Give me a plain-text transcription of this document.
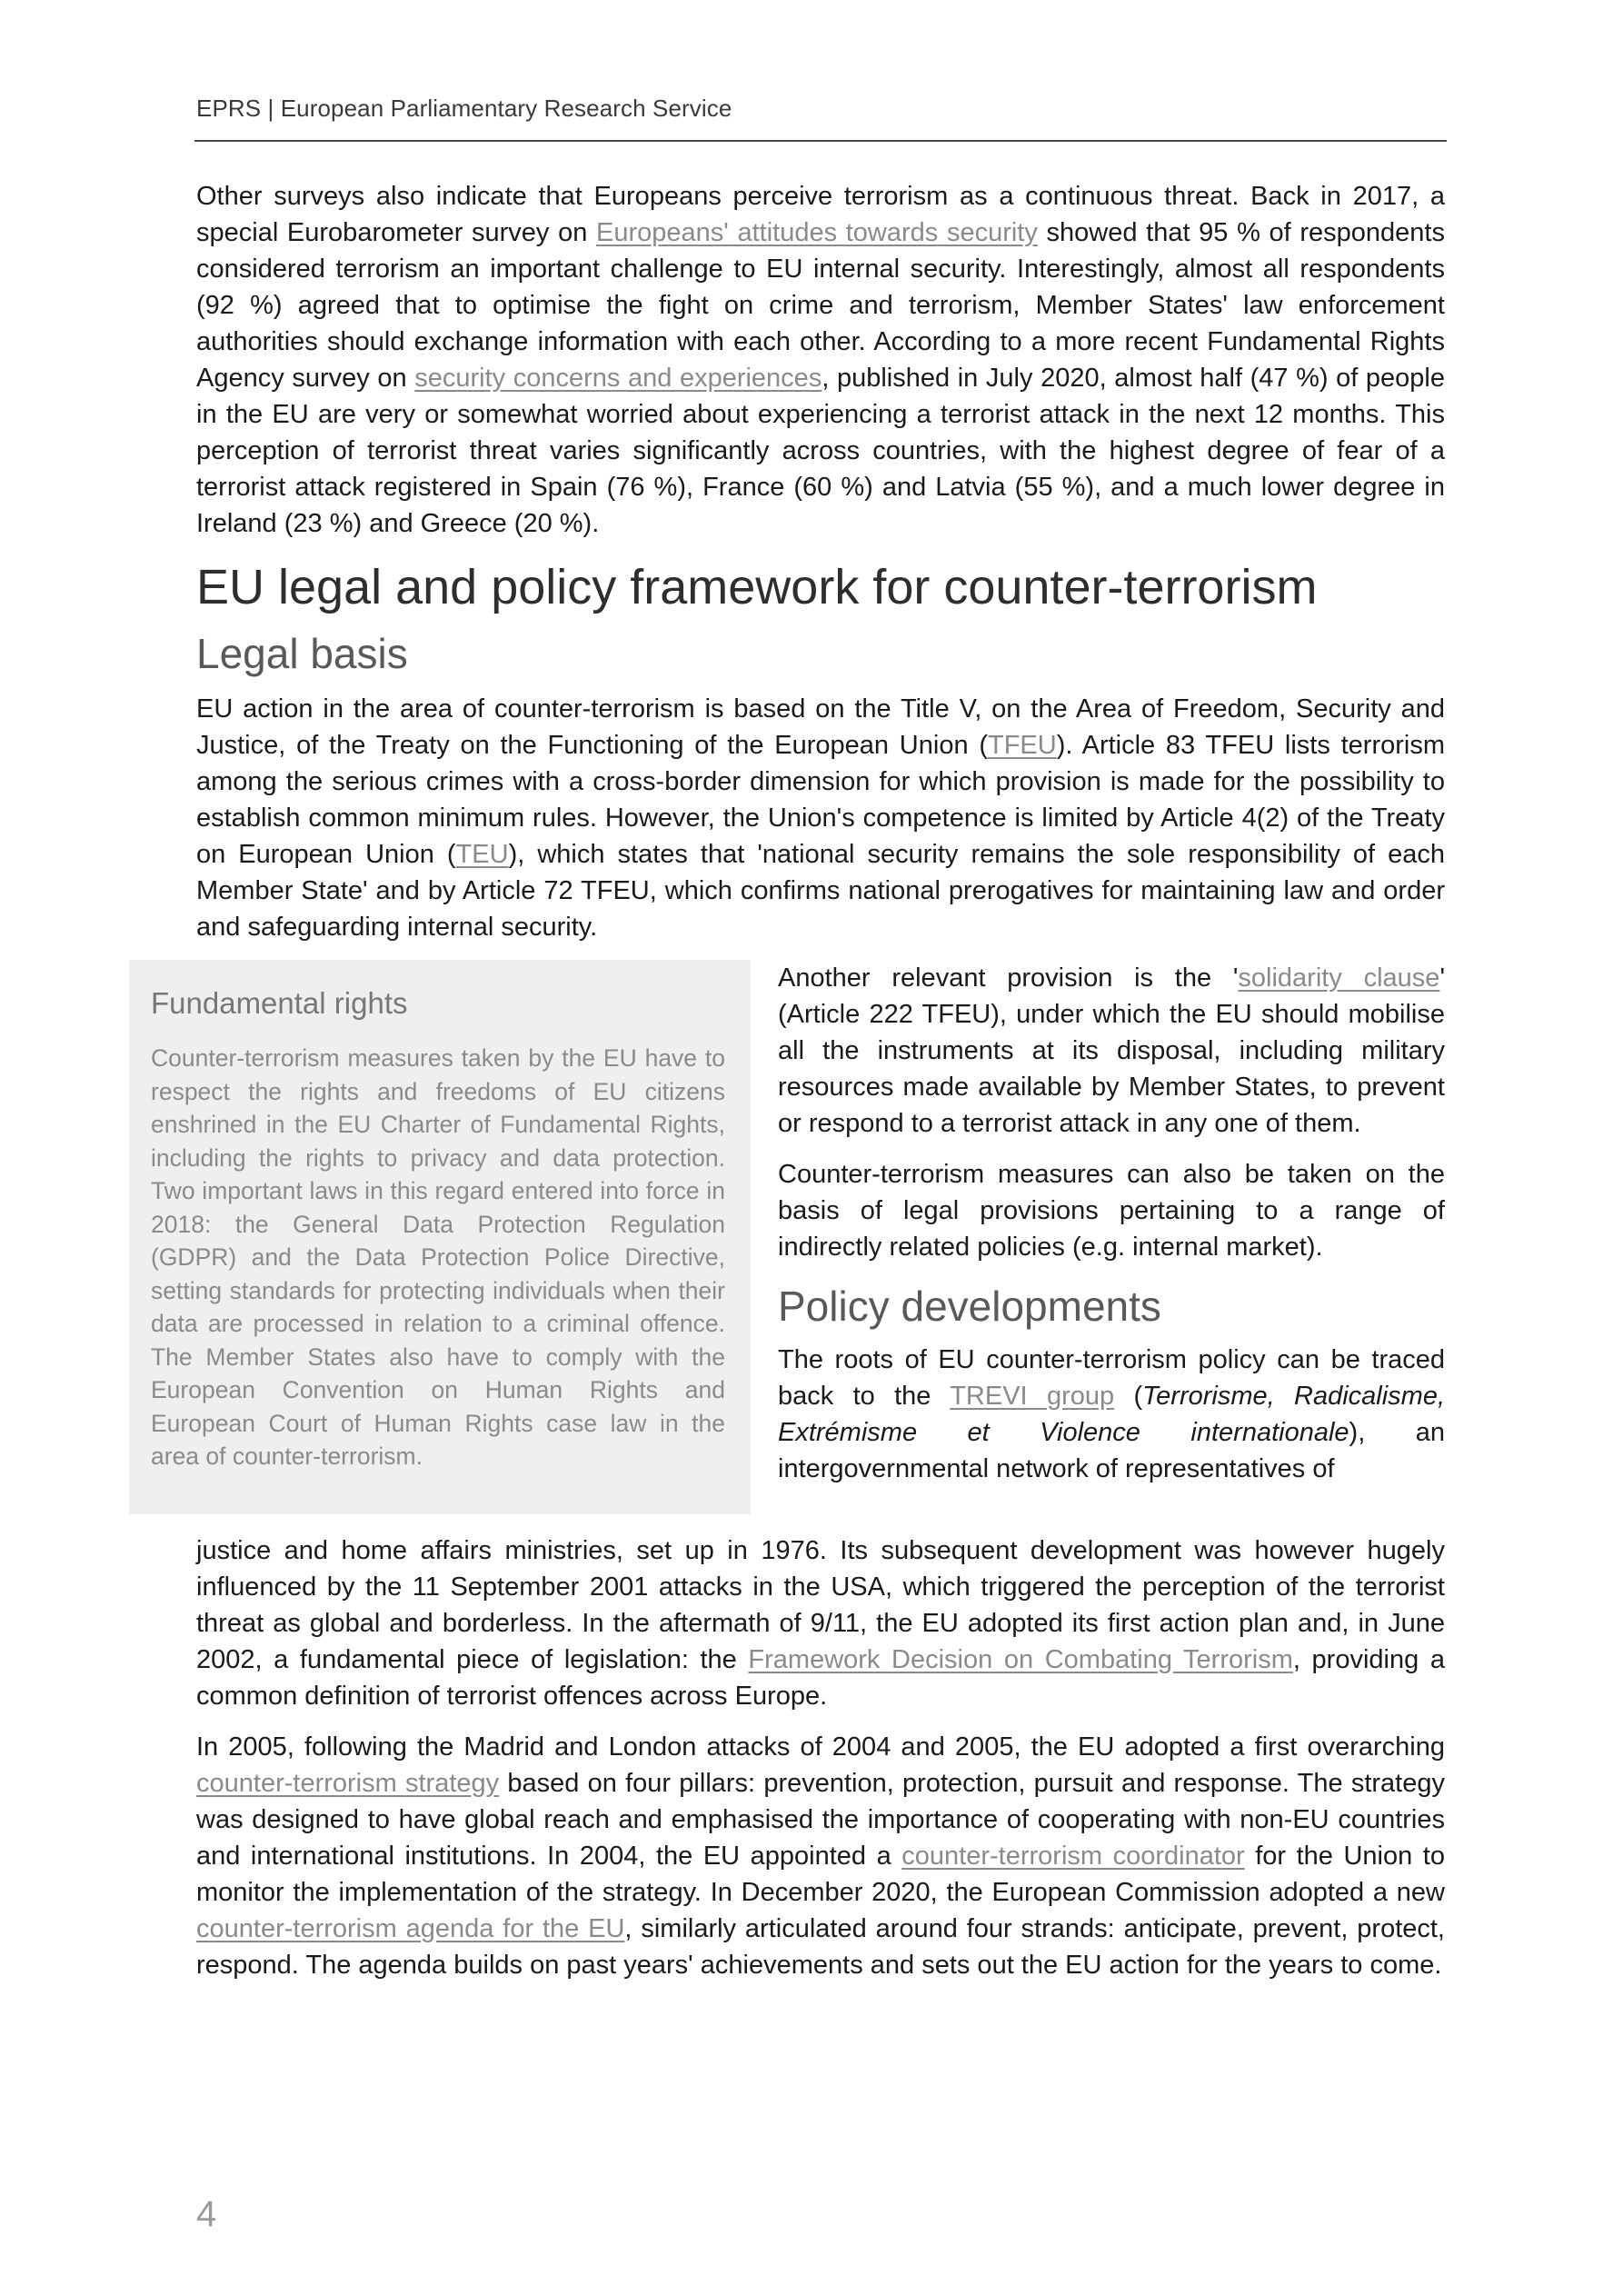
EPRS | European Parliamentary Research Service

Other surveys also indicate that Europeans perceive terrorism as a continuous threat. Back in 2017, a special Eurobarometer survey on Europeans' attitudes towards security showed that 95 % of respondents considered terrorism an important challenge to EU internal security. Interestingly, almost all respondents (92 %) agreed that to optimise the fight on crime and terrorism, Member States' law enforcement authorities should exchange information with each other. According to a more recent Fundamental Rights Agency survey on security concerns and experiences, published in July 2020, almost half (47 %) of people in the EU are very or somewhat worried about experiencing a terrorist attack in the next 12 months. This perception of terrorist threat varies significantly across countries, with the highest degree of fear of a terrorist attack registered in Spain (76 %), France (60 %) and Latvia (55 %), and a much lower degree in Ireland (23 %) and Greece (20 %).

EU legal and policy framework for counter-terrorism
Legal basis

EU action in the area of counter-terrorism is based on the Title V, on the Area of Freedom, Security and Justice, of the Treaty on the Functioning of the European Union (TFEU). Article 83 TFEU lists terrorism among the serious crimes with a cross-border dimension for which provision is made for the possibility to establish common minimum rules. However, the Union's competence is limited by Article 4(2) of the Treaty on European Union (TEU), which states that 'national security remains the sole responsibility of each Member State' and by Article 72 TFEU, which confirms national prerogatives for maintaining law and order and safeguarding internal security.

Fundamental rights

Counter-terrorism measures taken by the EU have to respect the rights and freedoms of EU citizens enshrined in the EU Charter of Fundamental Rights, including the rights to privacy and data protection. Two important laws in this regard entered into force in 2018: the General Data Protection Regulation (GDPR) and the Data Protection Police Directive, setting standards for protecting individuals when their data are processed in relation to a criminal offence. The Member States also have to comply with the European Convention on Human Rights and European Court of Human Rights case law in the area of counter-terrorism.

Another relevant provision is the 'solidarity clause' (Article 222 TFEU), under which the EU should mobilise all the instruments at its disposal, including military resources made available by Member States, to prevent or respond to a terrorist attack in any one of them.

Counter-terrorism measures can also be taken on the basis of legal provisions pertaining to a range of indirectly related policies (e.g. internal market).

Policy developments

The roots of EU counter-terrorism policy can be traced back to the TREVI group (Terrorisme, Radicalisme, Extrémisme et Violence internationale), an intergovernmental network of representatives of

justice and home affairs ministries, set up in 1976. Its subsequent development was however hugely influenced by the 11 September 2001 attacks in the USA, which triggered the perception of the terrorist threat as global and borderless. In the aftermath of 9/11, the EU adopted its first action plan and, in June 2002, a fundamental piece of legislation: the Framework Decision on Combating Terrorism, providing a common definition of terrorist offences across Europe.

In 2005, following the Madrid and London attacks of 2004 and 2005, the EU adopted a first overarching counter-terrorism strategy based on four pillars: prevention, protection, pursuit and response. The strategy was designed to have global reach and emphasised the importance of cooperating with non-EU countries and international institutions. In 2004, the EU appointed a counter-terrorism coordinator for the Union to monitor the implementation of the strategy. In December 2020, the European Commission adopted a new counter-terrorism agenda for the EU, similarly articulated around four strands: anticipate, prevent, protect, respond. The agenda builds on past years' achievements and sets out the EU action for the years to come.

4
